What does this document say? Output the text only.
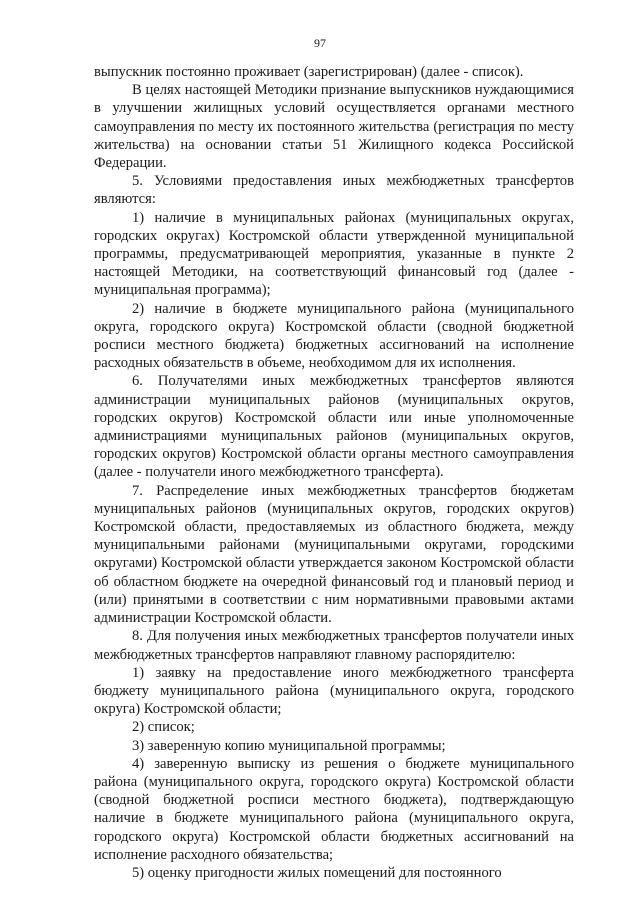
97

выпускник постоянно проживает (зарегистрирован) (далее - список).

В целях настоящей Методики признание выпускников нуждающимися в улучшении жилищных условий осуществляется органами местного самоуправления по месту их постоянного жительства (регистрация по месту жительства) на основании статьи 51 Жилищного кодекса Российской Федерации.

5. Условиями предоставления иных межбюджетных трансфертов являются:

1) наличие в муниципальных районах (муниципальных округах, городских округах) Костромской области утвержденной муниципальной программы, предусматривающей мероприятия, указанные в пункте 2 настоящей Методики, на соответствующий финансовый год (далее - муниципальная программа);

2) наличие в бюджете муниципального района (муниципального округа, городского округа) Костромской области (сводной бюджетной росписи местного бюджета) бюджетных ассигнований на исполнение расходных обязательств в объеме, необходимом для их исполнения.

6. Получателями иных межбюджетных трансфертов являются администрации муниципальных районов (муниципальных округов, городских округов) Костромской области или иные уполномоченные администрациями муниципальных районов (муниципальных округов, городских округов) Костромской области органы местного самоуправления (далее - получатели иного межбюджетного трансферта).

7. Распределение иных межбюджетных трансфертов бюджетам муниципальных районов (муниципальных округов, городских округов) Костромской области, предоставляемых из областного бюджета, между муниципальными районами (муниципальными округами, городскими округами) Костромской области утверждается законом Костромской области об областном бюджете на очередной финансовый год и плановый период и (или) принятыми в соответствии с ним нормативными правовыми актами администрации Костромской области.

8. Для получения иных межбюджетных трансфертов получатели иных межбюджетных трансфертов направляют главному распорядителю:

1) заявку на предоставление иного межбюджетного трансферта бюджету муниципального района (муниципального округа, городского округа) Костромской области;

2) список;

3) заверенную копию муниципальной программы;

4) заверенную выписку из решения о бюджете муниципального района (муниципального округа, городского округа) Костромской области (сводной бюджетной росписи местного бюджета), подтверждающую наличие в бюджете муниципального района (муниципального округа, городского округа) Костромской области бюджетных ассигнований на исполнение расходного обязательства;

5) оценку пригодности жилых помещений для постоянного
